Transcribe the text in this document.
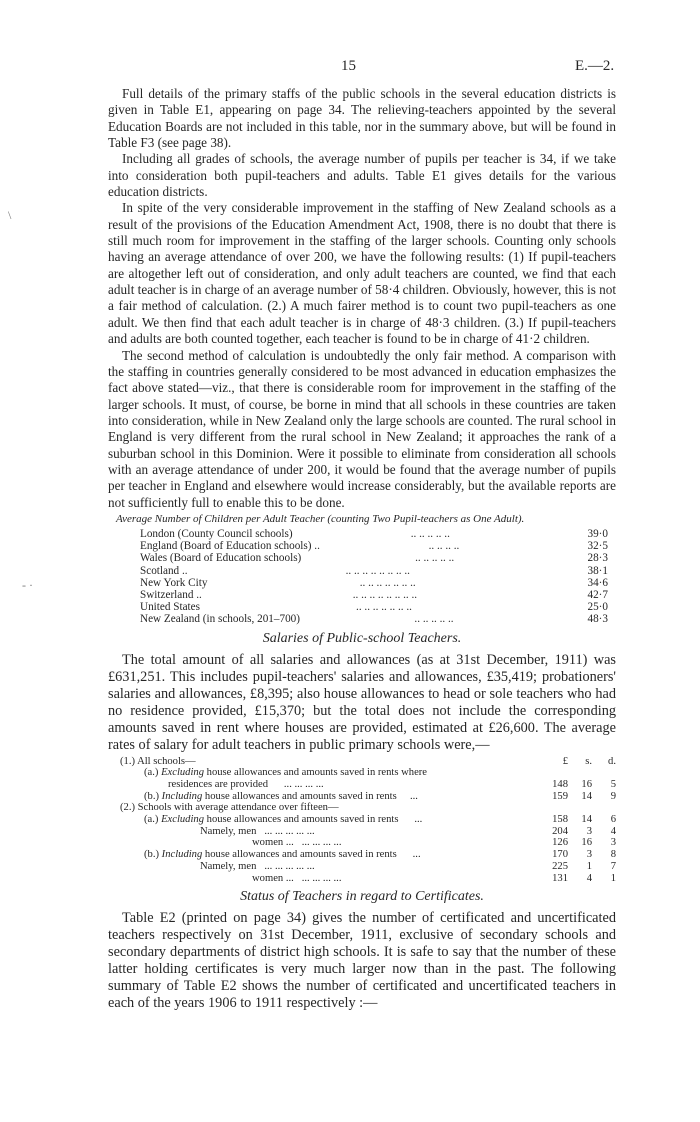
15	E.—2.
\
- ·

Full details of the primary staffs of the public schools in the several education districts is given in Table E1, appearing on page 34. The relieving-teachers appointed by the several Education Boards are not included in this table, nor in the summary above, but will be found in Table F3 (see page 38).

Including all grades of schools, the average number of pupils per teacher is 34, if we take into consideration both pupil-teachers and adults. Table E1 gives details for the various education districts.

In spite of the very considerable improvement in the staffing of New Zealand schools as a result of the provisions of the Education Amendment Act, 1908, there is no doubt that there is still much room for improvement in the staffing of the larger schools. Counting only schools having an average attendance of over 200, we have the following results: (1) If pupil-teachers are altogether left out of consideration, and only adult teachers are counted, we find that each adult teacher is in charge of an average number of 58·4 children. Obviously, however, this is not a fair method of calculation. (2.) A much fairer method is to count two pupil-teachers as one adult. We then find that each adult teacher is in charge of 48·3 children. (3.) If pupil-teachers and adults are both counted together, each teacher is found to be in charge of 41·2 children.

The second method of calculation is undoubtedly the only fair method. A comparison with the staffing in countries generally considered to be most advanced in education emphasizes the fact above stated—viz., that there is considerable room for improvement in the staffing of the larger schools. It must, of course, be borne in mind that all schools in these countries are taken into consideration, while in New Zealand only the large schools are counted. The rural school in England is very different from the rural school in New Zealand; it approaches the rank of a suburban school in this Dominion. Were it possible to eliminate from consideration all schools with an average attendance of under 200, it would be found that the average number of pupils per teacher in England and elsewhere would increase considerably, but the available reports are not sufficiently full to enable this to be done.

Average Number of Children per Adult Teacher (counting Two Pupil-teachers as One Adult).
London (County Council schools)	.. .. .. .. ..	39·0
England (Board of Education schools) ..	.. .. .. ..	32·5
Wales (Board of Education schools)	.. .. .. .. ..	28·3
Scotland ..	.. .. .. .. .. .. .. ..	38·1
New York City	.. .. .. .. .. .. ..	34·6
Switzerland ..	.. .. .. .. .. .. .. ..	42·7
United States	.. .. .. .. .. .. ..	25·0
New Zealand (in schools, 201–700)	.. .. .. .. ..	48·3
Salaries of Public-school Teachers.

The total amount of all salaries and allowances (as at 31st December, 1911) was £631,251. This includes pupil-teachers' salaries and allowances, £35,419; probationers' salaries and allowances, £8,395; also house allowances to head or sole teachers who had no residence provided, £15,370; but the total does not include the corresponding amounts saved in rent where houses are provided, estimated at £26,600. The average rates of salary for adult teachers in public primary schools were,—

(1.) All schools—	£	s.	d.
(a.) Excluding house allowances and amounts saved in rents where
residences are provided ... ... ... ...	148	16	5
(b.) Including house allowances and amounts saved in rents ...	159	14	9
(2.) Schools with average attendance over fifteen—
(a.) Excluding house allowances and amounts saved in rents ...	158	14	6
Namely, men ... ... ... ... ...	204	3	4
women ... ... ... ... ...	126	16	3
(b.) Including house allowances and amounts saved in rents ...	170	3	8
Namely, men ... ... ... ... ...	225	1	7
women ... ... ... ... ...	131	4	1
Status of Teachers in regard to Certificates.

Table E2 (printed on page 34) gives the number of certificated and uncertificated teachers respectively on 31st December, 1911, exclusive of secondary schools and secondary departments of district high schools. It is safe to say that the number of these latter holding certificates is very much larger now than in the past. The following summary of Table E2 shows the number of certificated and uncertificated teachers in each of the years 1906 to 1911 respectively :—
